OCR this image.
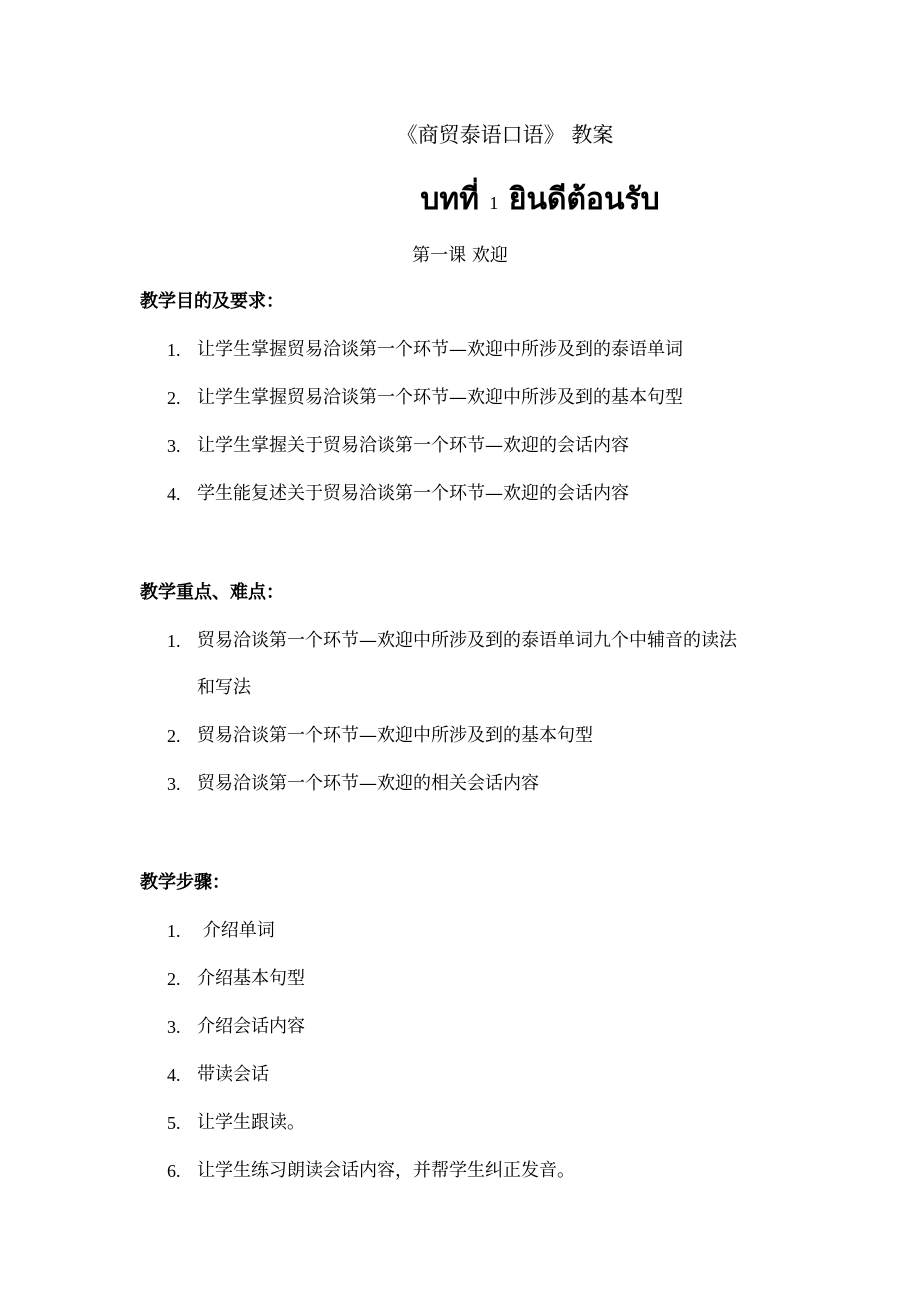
《商贸泰语口语》 教案
บทที่ 1 ยินดีต้อนรับ
第一课 欢迎
教学目的及要求：
1. 让学生掌握贸易洽谈第一个环节—欢迎中所涉及到的泰语单词
2. 让学生掌握贸易洽谈第一个环节—欢迎中所涉及到的基本句型
3. 让学生掌握关于贸易洽谈第一个环节—欢迎的会话内容
4. 学生能复述关于贸易洽谈第一个环节—欢迎的会话内容
教学重点、难点：
1. 贸易洽谈第一个环节—欢迎中所涉及到的泰语单词九个中辅音的读法
和写法
2. 贸易洽谈第一个环节—欢迎中所涉及到的基本句型
3. 贸易洽谈第一个环节—欢迎的相关会话内容
教学步骤：
1. 介绍单词
2. 介绍基本句型
3. 介绍会话内容
4. 带读会话
5. 让学生跟读。
6. 让学生练习朗读会话内容，并帮学生纠正发音。
